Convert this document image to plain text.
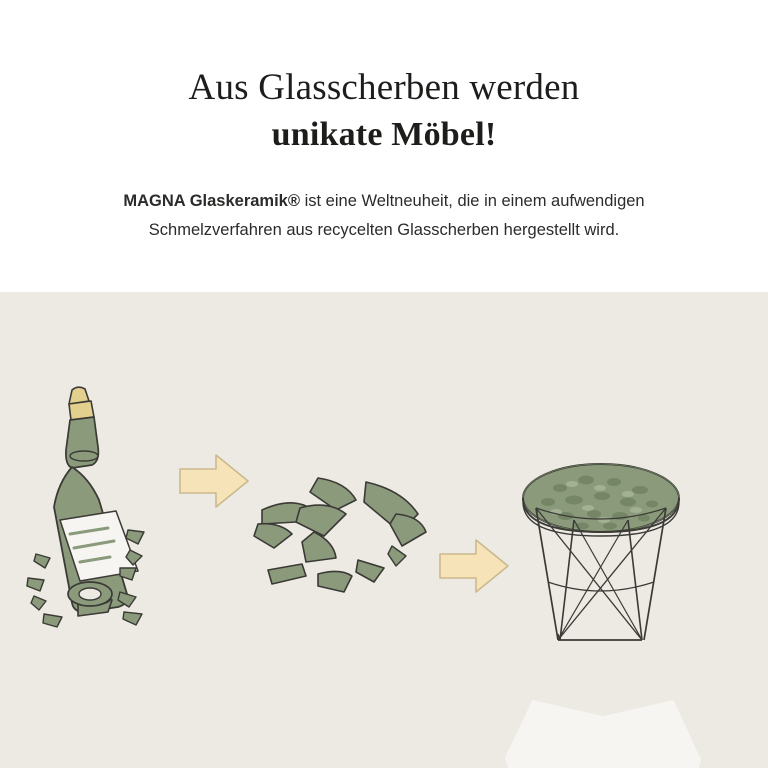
Aus Glasscherben werden
unikate Möbel!

MAGNA Glaskeramik® ist eine Weltneuheit, die in einem aufwendigen Schmelzverfahren aus recycelten Glasscherben hergestellt wird.
